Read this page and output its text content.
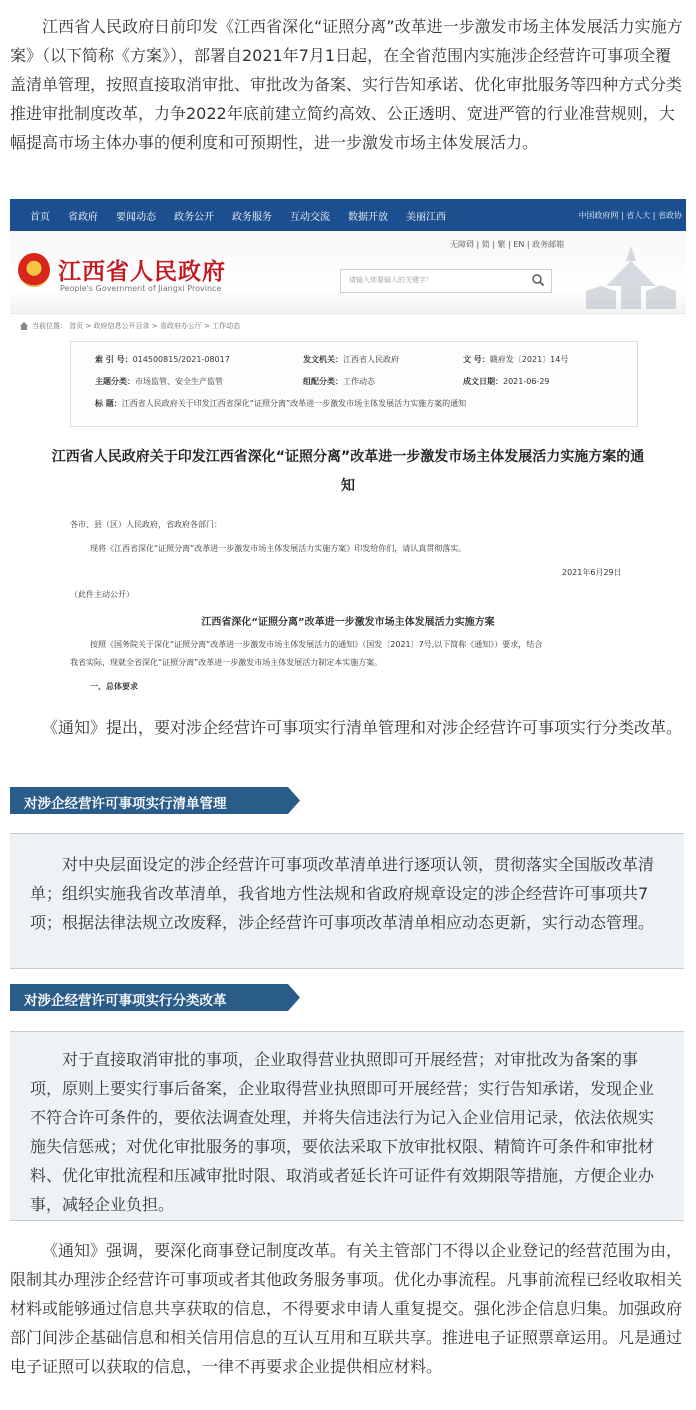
江西省人民政府日前印发《江西省深化“证照分离”改革进一步激发市场主体发展活力实施方案》（以下简称《方案》），部署自2021年7月1日起，在全省范围内实施涉企经营许可事项全覆盖清单管理，按照直接取消审批、审批改为备案、实行告知承诺、优化审批服务等四种方式分类推进审批制度改革，力争2022年底前建立简约高效、公正透明、宽进严管的行业准营规则，大幅提高市场主体办事的便利度和可预期性，进一步激发市场主体发展活力。

首页 省政府 要闻动态 政务公开 政务服务 互动交流 数据开放 美丽江西	中国政府网 | 省人大 | 省政协
江西省人民政府
People's Government of Jiangxi Province
无障碍 | 简 | 繁 | EN | 政务邮箱
请输入您要输入的关键字！
当前位置： 首页 > 政府信息公开目录 > 省政府办公厅 > 工作动态
索 引 号：014500815/2021-08017	发文机关：江西省人民政府	文 号：赣府发〔2021〕14号
主题分类：市场监管、安全生产监管	组配分类：工作动态	成文日期：2021-06-29
标 题：江西省人民政府关于印发江西省深化“证照分离”改革进一步激发市场主体发展活力实施方案的通知
江西省人民政府关于印发江西省深化“证照分离”改革进一步激发市场主体发展活力实施方案的通知
各市、县（区）人民政府，省政府各部门：
现将《江西省深化“证照分离”改革进一步激发市场主体发展活力实施方案》印发给你们，请认真贯彻落实。
2021年6月29日
（此件主动公开）
江西省深化“证照分离”改革进一步激发市场主体发展活力实施方案
按照《国务院关于深化“证照分离”改革进一步激发市场主体发展活力的通知》（国发〔2021〕7号,以下简称《通知》）要求，结合
我省实际，现就全省深化“证照分离”改革进一步激发市场主体发展活力制定本实施方案。
一、总体要求

《通知》提出，要对涉企经营许可事项实行清单管理和对涉企经营许可事项实行分类改革。

对涉企经营许可事项实行清单管理

对中央层面设定的涉企经营许可事项改革清单进行逐项认领，贯彻落实全国版改革清单；组织实施我省改革清单，我省地方性法规和省政府规章设定的涉企经营许可事项共7项；根据法律法规立改废释，涉企经营许可事项改革清单相应动态更新，实行动态管理。

对涉企经营许可事项实行分类改革

对于直接取消审批的事项，企业取得营业执照即可开展经营；对审批改为备案的事项，原则上要实行事后备案，企业取得营业执照即可开展经营；实行告知承诺，发现企业不符合许可条件的，要依法调查处理，并将失信违法行为记入企业信用记录，依法依规实施失信惩戒；对优化审批服务的事项，要依法采取下放审批权限、精简许可条件和审批材料、优化审批流程和压减审批时限、取消或者延长许可证件有效期限等措施，方便企业办事，减轻企业负担。

《通知》强调，要深化商事登记制度改革。有关主管部门不得以企业登记的经营范围为由，限制其办理涉企经营许可事项或者其他政务服务事项。优化办事流程。凡事前流程已经收取相关材料或能够通过信息共享获取的信息，不得要求申请人重复提交。强化涉企信息归集。加强政府部门间涉企基础信息和相关信用信息的互认互用和互联共享。推进电子证照票章运用。凡是通过电子证照可以获取的信息，一律不再要求企业提供相应材料。
